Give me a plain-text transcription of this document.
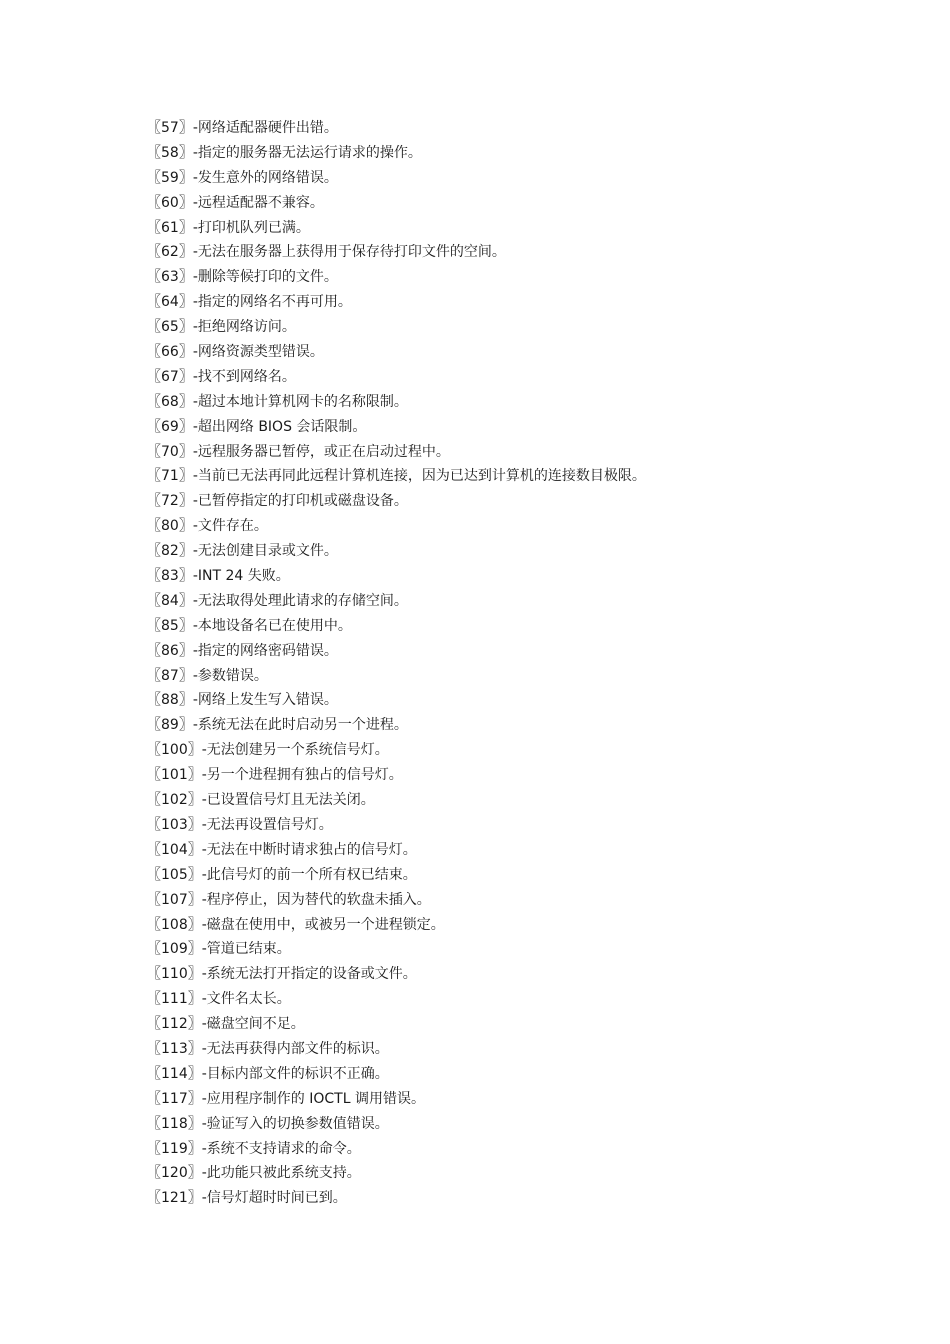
〖57〗-网络适配器硬件出错。
〖58〗-指定的服务器无法运行请求的操作。
〖59〗-发生意外的网络错误。
〖60〗-远程适配器不兼容。
〖61〗-打印机队列已满。
〖62〗-无法在服务器上获得用于保存待打印文件的空间。
〖63〗-删除等候打印的文件。
〖64〗-指定的网络名不再可用。
〖65〗-拒绝网络访问。
〖66〗-网络资源类型错误。
〖67〗-找不到网络名。
〖68〗-超过本地计算机网卡的名称限制。
〖69〗-超出网络 BIOS 会话限制。
〖70〗-远程服务器已暂停，或正在启动过程中。
〖71〗-当前已无法再同此远程计算机连接，因为已达到计算机的连接数目极限。
〖72〗-已暂停指定的打印机或磁盘设备。
〖80〗-文件存在。
〖82〗-无法创建目录或文件。
〖83〗-INT 24 失败。
〖84〗-无法取得处理此请求的存储空间。
〖85〗-本地设备名已在使用中。
〖86〗-指定的网络密码错误。
〖87〗-参数错误。
〖88〗-网络上发生写入错误。
〖89〗-系统无法在此时启动另一个进程。
〖100〗-无法创建另一个系统信号灯。
〖101〗-另一个进程拥有独占的信号灯。
〖102〗-已设置信号灯且无法关闭。
〖103〗-无法再设置信号灯。
〖104〗-无法在中断时请求独占的信号灯。
〖105〗-此信号灯的前一个所有权已结束。
〖107〗-程序停止，因为替代的软盘未插入。
〖108〗-磁盘在使用中，或被另一个进程锁定。
〖109〗-管道已结束。
〖110〗-系统无法打开指定的设备或文件。
〖111〗-文件名太长。
〖112〗-磁盘空间不足。
〖113〗-无法再获得内部文件的标识。
〖114〗-目标内部文件的标识不正确。
〖117〗-应用程序制作的 IOCTL 调用错误。
〖118〗-验证写入的切换参数值错误。
〖119〗-系统不支持请求的命令。
〖120〗-此功能只被此系统支持。
〖121〗-信号灯超时时间已到。
